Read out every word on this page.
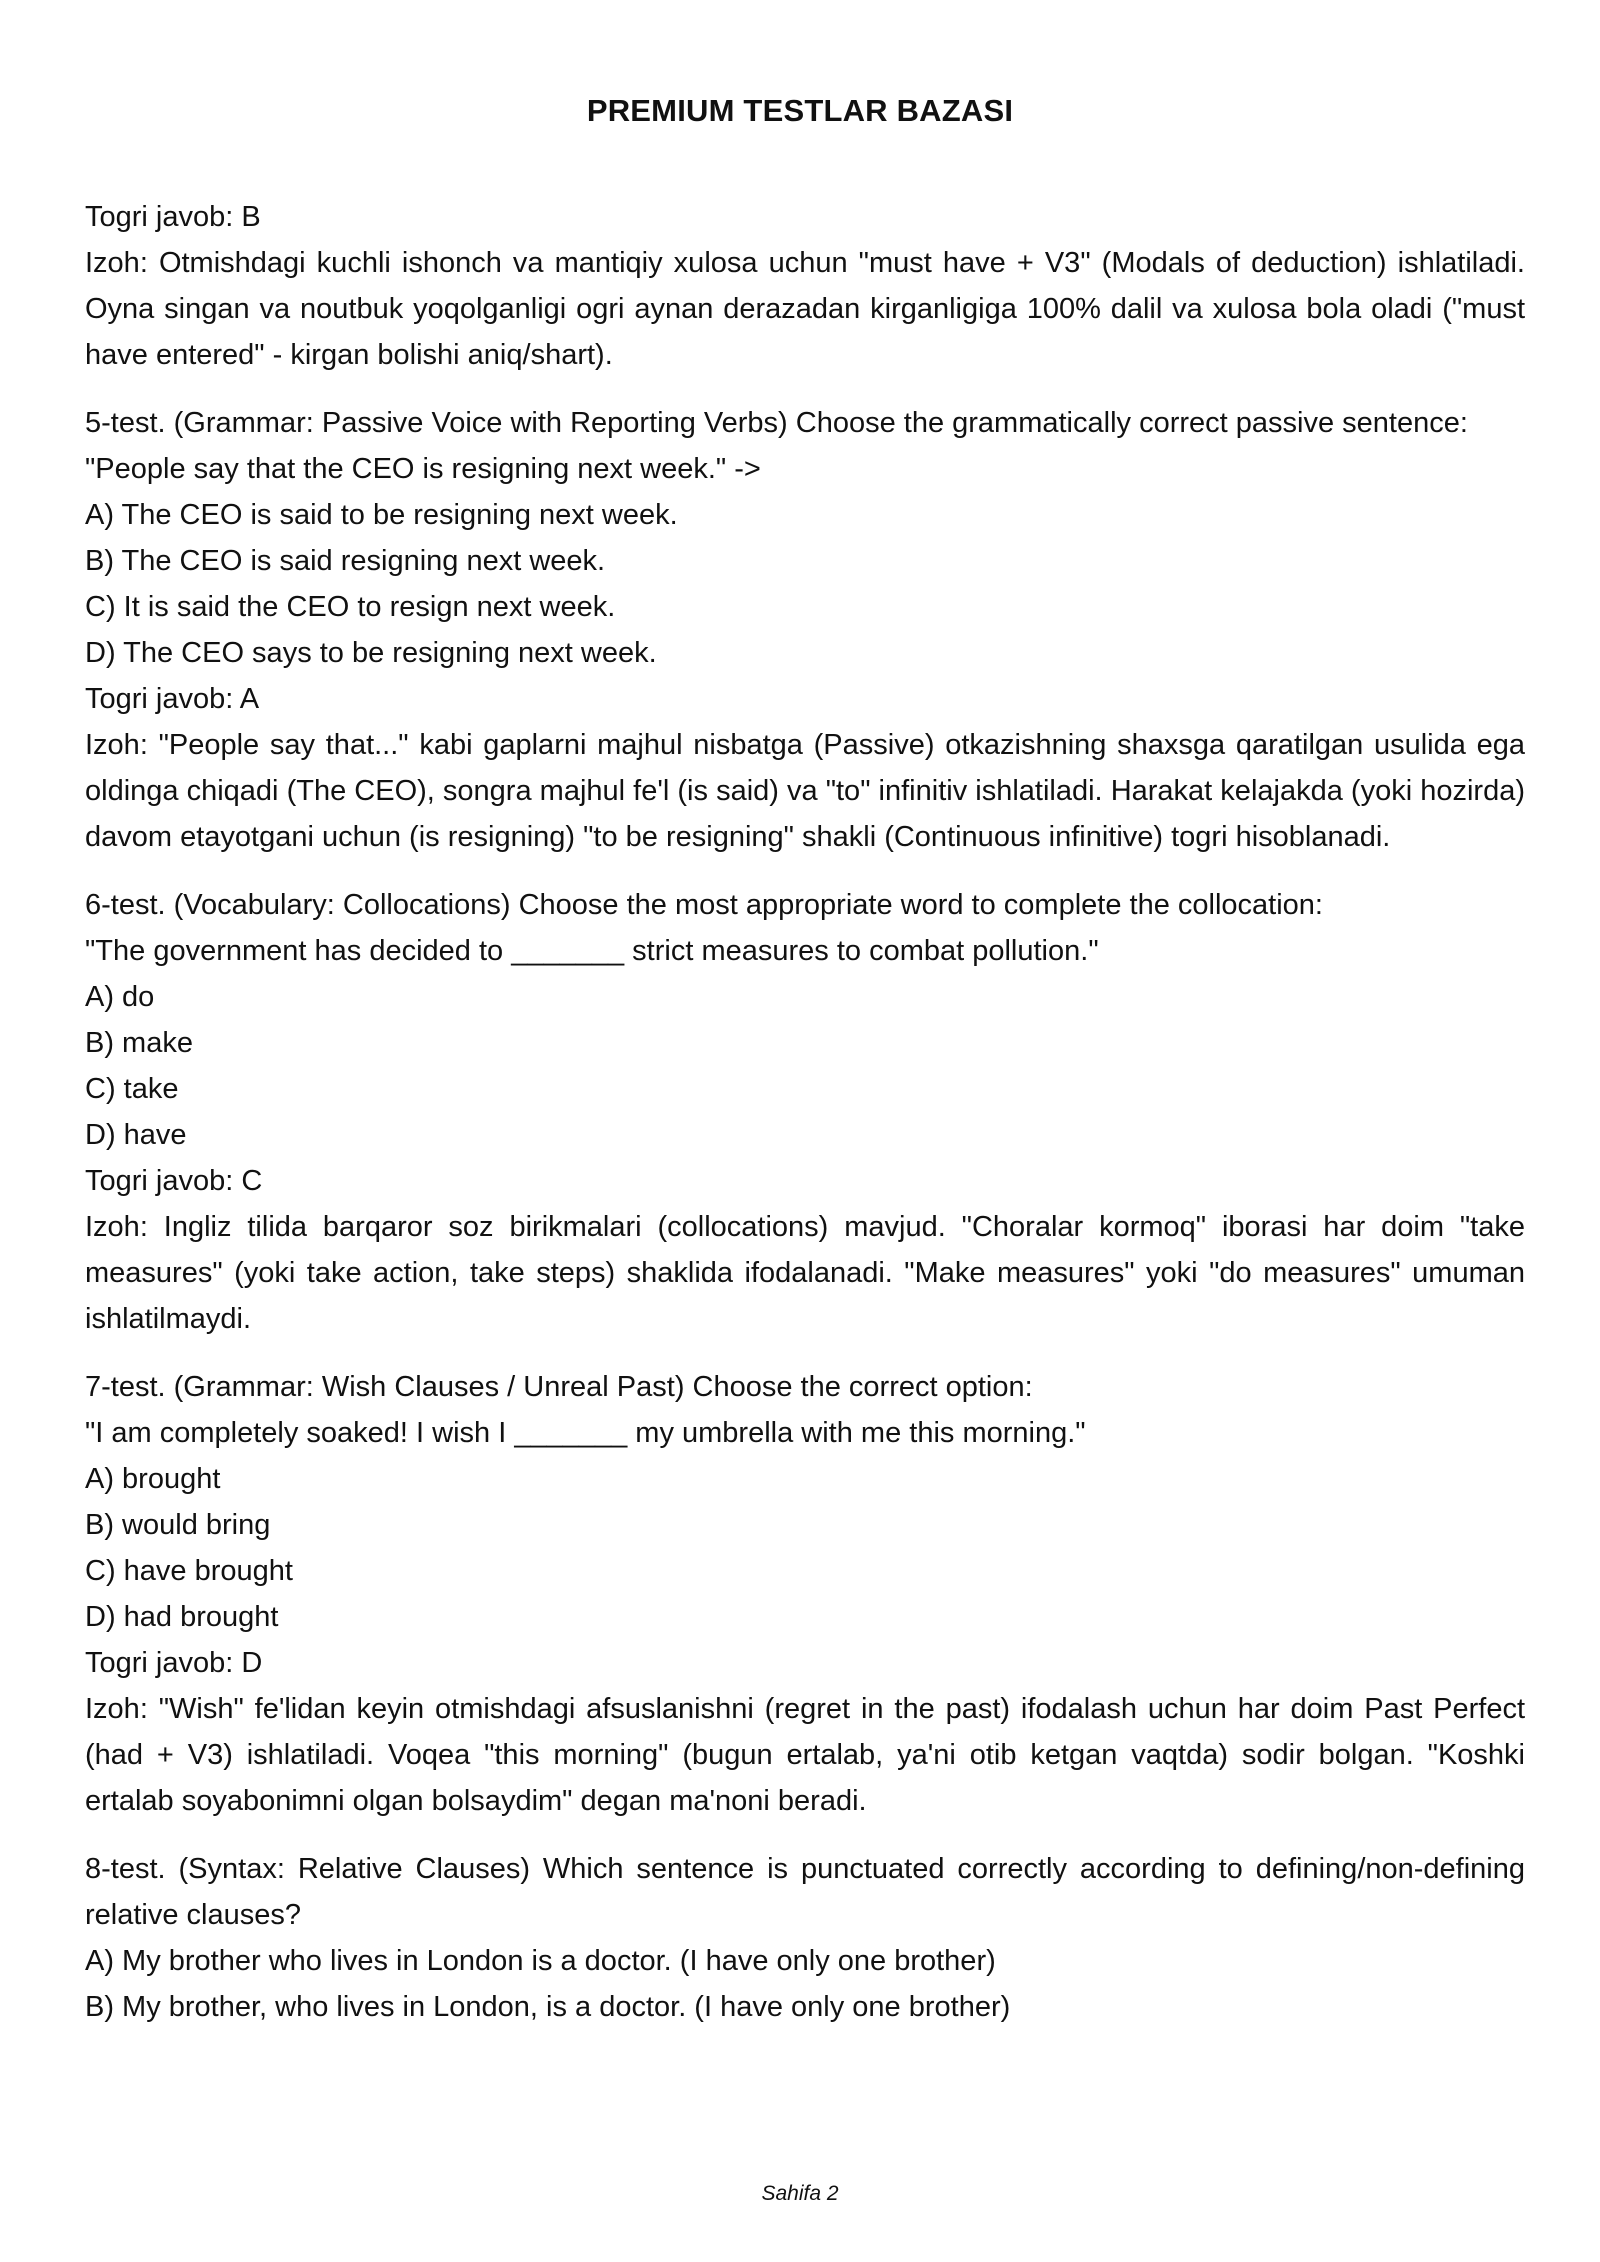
PREMIUM TESTLAR BAZASI

Togri javob: B

Izoh: Otmishdagi kuchli ishonch va mantiqiy xulosa uchun "must have + V3" (Modals of deduction) ishlatiladi. Oyna singan va noutbuk yoqolganligi ogri aynan derazadan kirganligiga 100% dalil va xulosa bola oladi ("must have entered" - kirgan bolishi aniq/shart).

5-test. (Grammar: Passive Voice with Reporting Verbs) Choose the grammatically correct passive sentence:

"People say that the CEO is resigning next week." ->

A) The CEO is said to be resigning next week.

B) The CEO is said resigning next week.

C) It is said the CEO to resign next week.

D) The CEO says to be resigning next week.

Togri javob: A

Izoh: "People say that..." kabi gaplarni majhul nisbatga (Passive) otkazishning shaxsga qaratilgan usulida ega oldinga chiqadi (The CEO), songra majhul fe'l (is said) va "to" infinitiv ishlatiladi. Harakat kelajakda (yoki hozirda) davom etayotgani uchun (is resigning) "to be resigning" shakli (Continuous infinitive) togri hisoblanadi.

6-test. (Vocabulary: Collocations) Choose the most appropriate word to complete the collocation:

"The government has decided to _______ strict measures to combat pollution."

A) do

B) make

C) take

D) have

Togri javob: C

Izoh: Ingliz tilida barqaror soz birikmalari (collocations) mavjud. "Choralar kormoq" iborasi har doim "take measures" (yoki take action, take steps) shaklida ifodalanadi. "Make measures" yoki "do measures" umuman ishlatilmaydi.

7-test. (Grammar: Wish Clauses / Unreal Past) Choose the correct option:

"I am completely soaked! I wish I _______ my umbrella with me this morning."

A) brought

B) would bring

C) have brought

D) had brought

Togri javob: D

Izoh: "Wish" fe'lidan keyin otmishdagi afsuslanishni (regret in the past) ifodalash uchun har doim Past Perfect (had + V3) ishlatiladi. Voqea "this morning" (bugun ertalab, ya'ni otib ketgan vaqtda) sodir bolgan. "Koshki ertalab soyabonimni olgan bolsaydim" degan ma'noni beradi.

8-test. (Syntax: Relative Clauses) Which sentence is punctuated correctly according to defining/non-defining relative clauses?

A) My brother who lives in London is a doctor. (I have only one brother)

B) My brother, who lives in London, is a doctor. (I have only one brother)

Sahifa 2
